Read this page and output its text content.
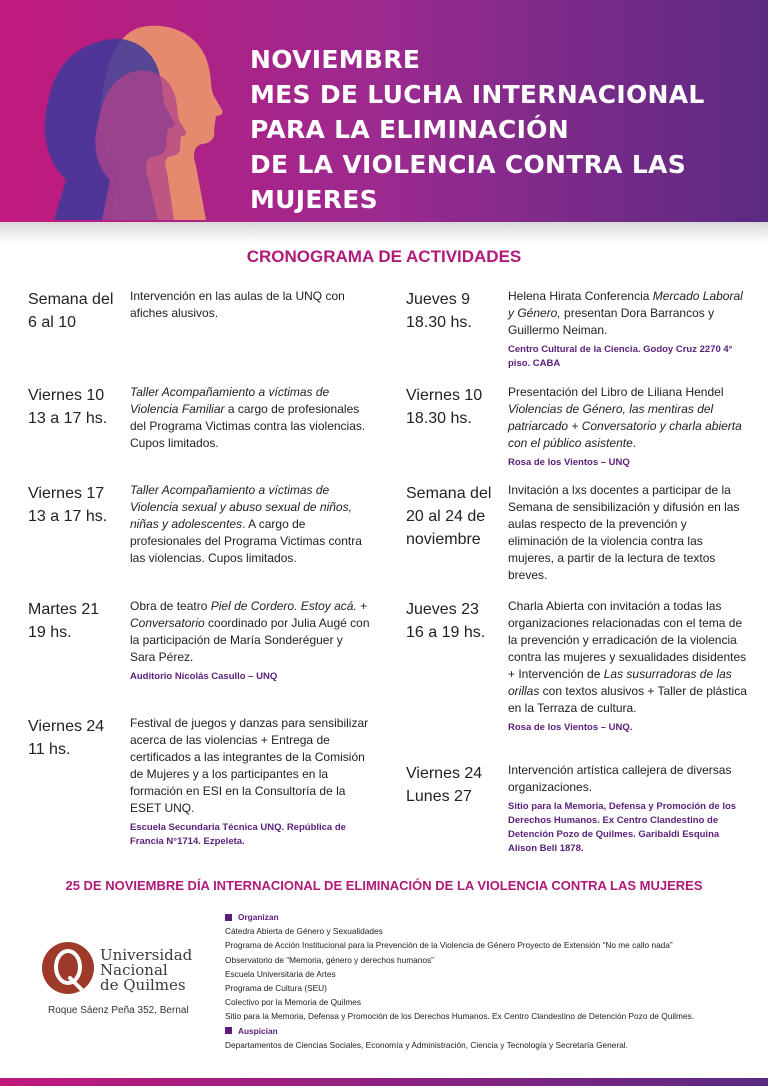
NOVIEMBRE
MES DE LUCHA INTERNACIONAL
PARA LA ELIMINACIÓN
DE LA VIOLENCIA CONTRA LAS MUJERES
CRONOGRAMA DE ACTIVIDADES
Semana del
6 al 10
Intervención en las aulas de la UNQ con afiches alusivos.
Viernes 10
13 a 17 hs.
Taller Acompañamiento a víctimas de Violencia Familiar a cargo de profesionales del Programa Victimas contra las violencias. Cupos limitados.
Viernes 17
13 a 17 hs.
Taller Acompañamiento a víctimas de Violencia sexual y abuso sexual de niños, niñas y adolescentes. A cargo de profesionales del Programa Victimas contra las violencias. Cupos limitados.
Martes 21
19 hs.
Obra de teatro Piel de Cordero. Estoy acá. + Conversatorio coordinado por Julia Augé con la participación de María Sonderéguer y Sara Pérez.
Auditorio Nicolás Casullo – UNQ
Viernes 24
11 hs.
Festival de juegos y danzas para sensibilizar acerca de las violencias + Entrega de certificados a las integrantes de la Comisión de Mujeres y a los participantes en la formación en ESI en la Consultoría de la ESET UNQ.
Escuela Secundaria Técnica UNQ. República de Francia N°1714. Ezpeleta.
Jueves 9
18.30 hs.
Helena Hirata Conferencia Mercado Laboral y Género, presentan Dora Barrancos y Guillermo Neiman.
Centro Cultural de la Ciencia. Godoy Cruz 2270 4° piso. CABA
Viernes 10
18.30 hs.
Presentación del Libro de Liliana Hendel Violencias de Género, las mentiras del patriarcado + Conversatorio y charla abierta con el público asistente.
Rosa de los Vientos – UNQ
Semana del
20 al 24 de
noviembre
Invitación a lxs docentes a participar de la Semana de sensibilización y difusión en las aulas respecto de la prevención y eliminación de la violencia contra las mujeres, a partir de la lectura de textos breves.
Jueves 23
16 a 19 hs.
Charla Abierta con invitación a todas las organizaciones relacionadas con el tema de la prevención y erradicación de la violencia contra las mujeres y sexualidades disidentes + Intervención de Las susurradoras de las orillas con textos alusivos + Taller de plástica en la Terraza de cultura.
Rosa de los Vientos – UNQ.
Viernes 24
Lunes 27
Intervención artística callejera de diversas organizaciones.
Sitio para la Memoria, Defensa y Promoción de los Derechos Humanos. Ex Centro Clandestino de Detención Pozo de Quilmes. Garibaldi Esquina Alison Bell 1878.
25 DE NOVIEMBRE DÍA INTERNACIONAL DE ELIMINACIÓN DE LA VIOLENCIA CONTRA LAS MUJERES
Universidad
Nacional
de Quilmes
Roque Sáenz Peña 352, Bernal
Organizan
Cátedra Abierta de Género y Sexualidades
Programa de Acción Institucional para la Prevención de la Violencia de Género Proyecto de Extensión “No me callo nada”
Observatorio de “Memoria, género y derechos humanos”
Escuela Universitaria de Artes
Programa de Cultura (SEU)
Colectivo por la Memoria de Quilmes
Sitio para la Memoria, Defensa y Promoción de los Derechos Humanos. Ex Centro Clandestino de Detención Pozo de Quilmes.
Auspician
Departamentos de Ciencias Sociales, Economía y Administración, Ciencia y Tecnología y Secretaría General.
